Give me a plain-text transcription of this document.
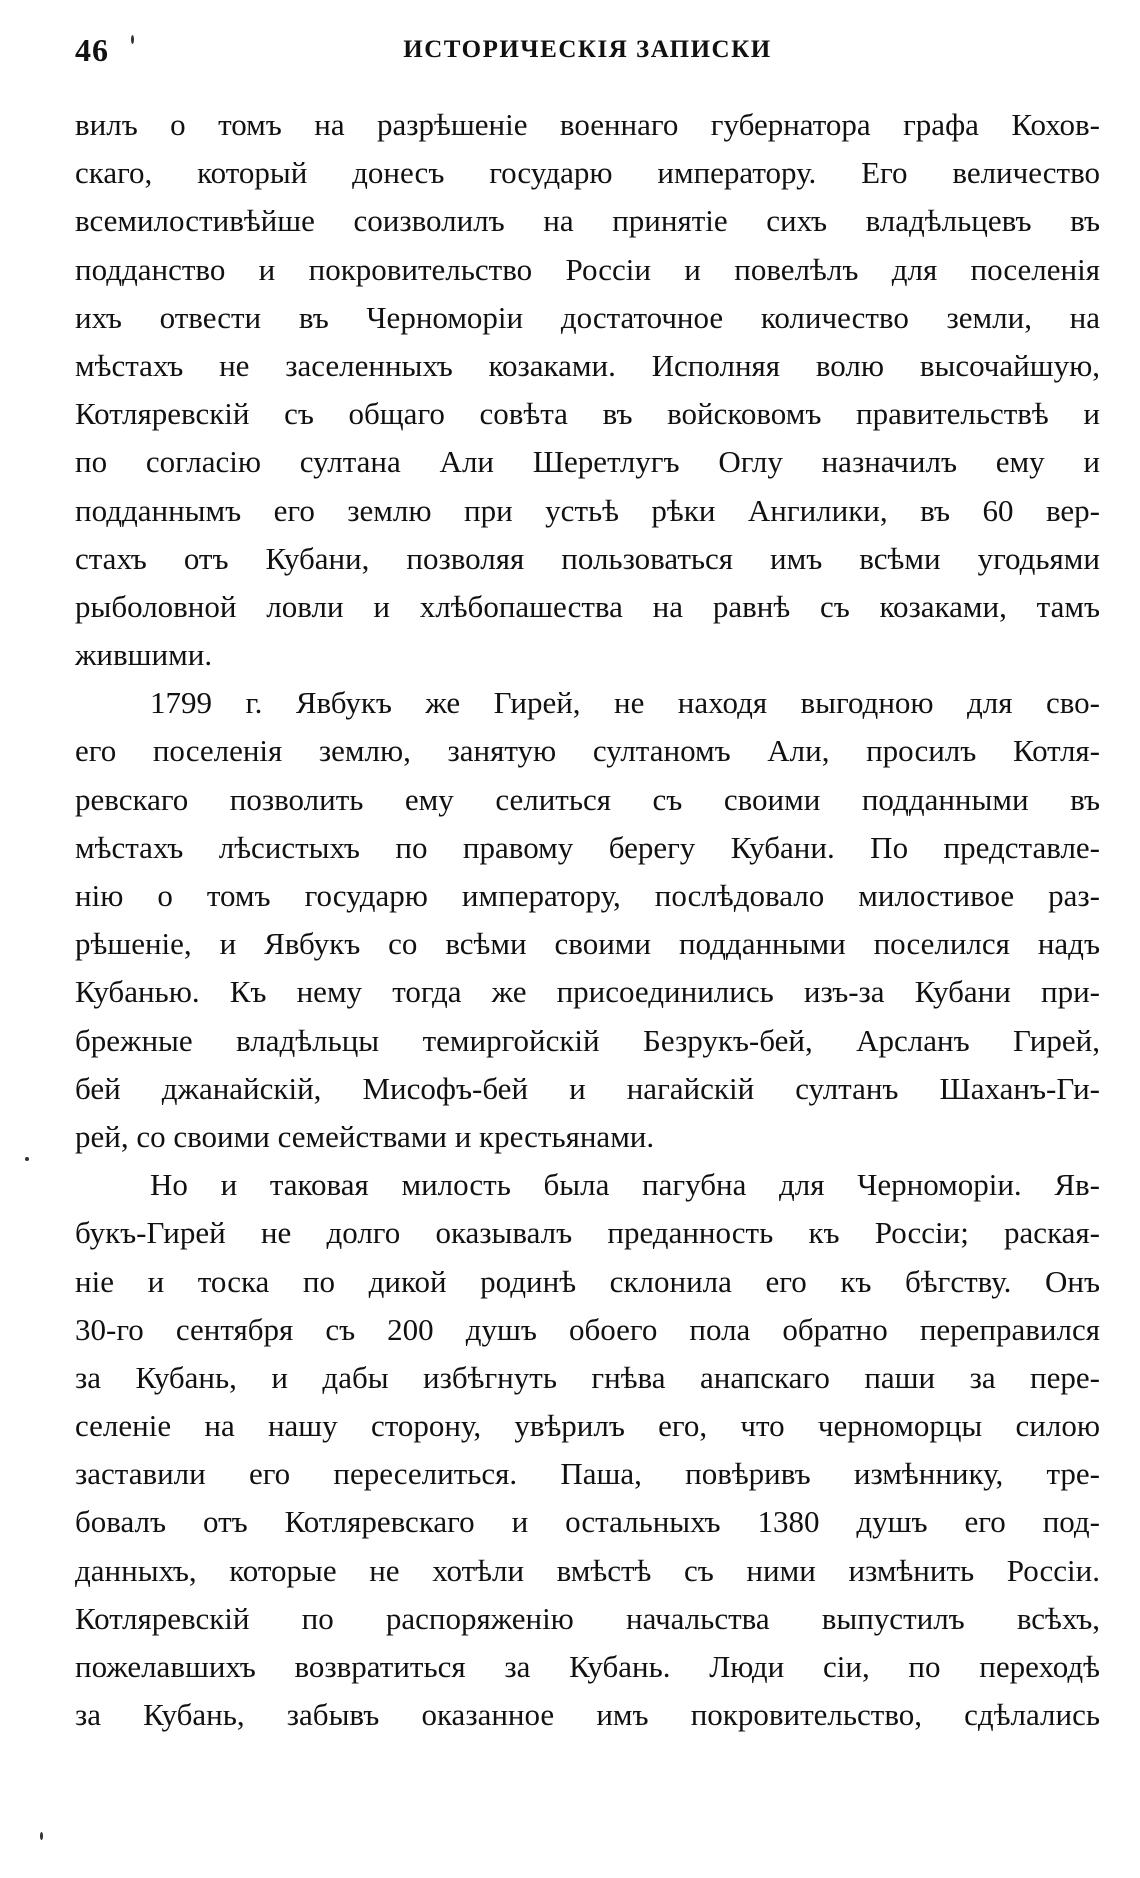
46	ИСТОРИЧЕСКІЯ ЗАПИСКИ
вилъ о томъ на разрѣшеніе военнаго губернатора графа Кохов-
скаго, который донесъ государю императору. Его величество
всемилостивѣйше соизволилъ на принятіе сихъ владѣльцевъ въ
подданство и покровительство Россіи и повелѣлъ для поселенія
ихъ отвести въ Черноморіи достаточное количество земли, на
мѣстахъ не заселенныхъ козаками. Исполняя волю высочайшую,
Котляревскій съ общаго совѣта въ войсковомъ правительствѣ и
по согласію султана Али Шеретлугъ Оглу назначилъ ему и
подданнымъ его землю при устьѣ рѣки Ангилики, въ 60 вер-
стахъ отъ Кубани, позволяя пользоваться имъ всѣми угодьями
рыболовной ловли и хлѣбопашества на равнѣ съ козаками, тамъ
жившими.
1799 г. Явбукъ же Гирей, не находя выгодною для сво-
его поселенія землю, занятую султаномъ Али, просилъ Котля-
ревскаго позволить ему селиться съ своими подданными въ
мѣстахъ лѣсистыхъ по правому берегу Кубани. По представле-
нію о томъ государю императору, послѣдовало милостивое раз-
рѣшеніе, и Явбукъ со всѣми своими подданными поселился надъ
Кубанью. Къ нему тогда же присоединились изъ-за Кубани при-
брежные владѣльцы темиргойскій Безрукъ-бей, Арсланъ Гирей,
бей джанайскій, Мисофъ-бей и нагайскій султанъ Шаханъ-Ги-
рей, со своими семействами и крестьянами.
Но и таковая милость была пагубна для Черноморіи. Яв-
букъ-Гирей не долго оказывалъ преданность къ Россіи; раская-
ніе и тоска по дикой родинѣ склонила его къ бѣгству. Онъ
30-го сентября съ 200 душъ обоего пола обратно переправился
за Кубань, и дабы избѣгнуть гнѣва анапскаго паши за пере-
селеніе на нашу сторону, увѣрилъ его, что черноморцы силою
заставили его переселиться. Паша, повѣривъ измѣннику, тре-
бовалъ отъ Котляревскаго и остальныхъ 1380 душъ его под-
данныхъ, которые не хотѣли вмѣстѣ съ ними измѣнить Россіи.
Котляревскій по распоряженію начальства выпустилъ всѣхъ,
пожелавшихъ возвратиться за Кубань. Люди сіи, по переходѣ
за Кубань, забывъ оказанное имъ покровительство, сдѣлались
